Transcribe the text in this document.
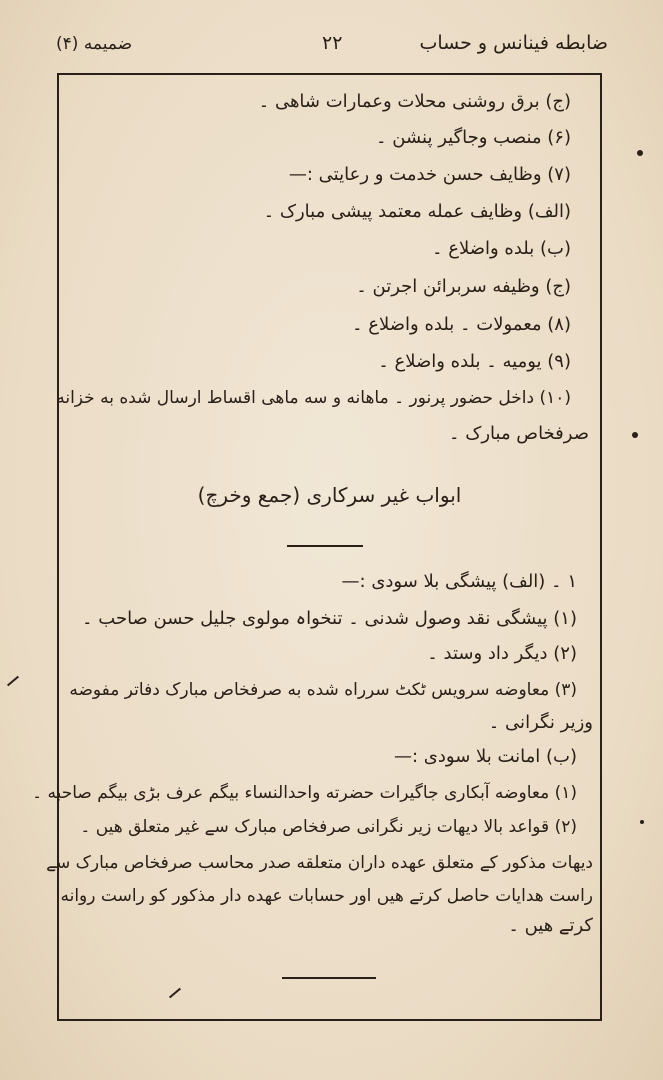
ضابطه فینانس و حساب
۲۲
ضمیمه (۴)
(ج) برق روشنی محلات وعمارات شاهی ۔
(۶) منصب وجاگیر پنشن ۔
(۷) وظایف حسن خدمت و رعایتی :—
(الف) وظایف عمله معتمد پیشی مبارک ۔
(ب) بلده واضلاع ۔
(ج) وظیفه سربرائن اجرتن ۔
(۸) معمولات ۔ بلده واضلاع ۔
(۹) یومیه ۔ بلده واضلاع ۔
(۱۰) داخل حضور پرنور ۔ ماهانه و سه ماهی اقساط ارسال شده به خزانه
صرفخاص مبارک ۔
ابواب غیر سرکاری (جمع وخرچ)
۱ ۔ (الف) پیشگی بلا سودی :—
(۱) پیشگی نقد وصول شدنی ۔ تنخواہ مولوی جلیل حسن صاحب ۔
(۲) دیگر داد وستد ۔
(۳) معاوضه سرویس ٹکٹ سرراه شده به صرفخاص مبارک دفاتر مفوضه
وزیر نگرانی ۔
(ب) امانت بلا سودی :—
(۱) معاوضه آبکاری جاگیرات حضرته واحدالنساء بیگم عرف بڑی بیگم صاحبه ۔
(۲) قواعد بالا دیهات زیر نگرانی صرفخاص مبارک سے غیر متعلق هیں ۔
دیهات مذکور کے متعلق عهده داران متعلقه صدر محاسب صرفخاص مبارک سے
راست هدایات حاصل کرتے هیں اور حسابات عهده دار مذکور کو راست روانه
کرتے هیں ۔
